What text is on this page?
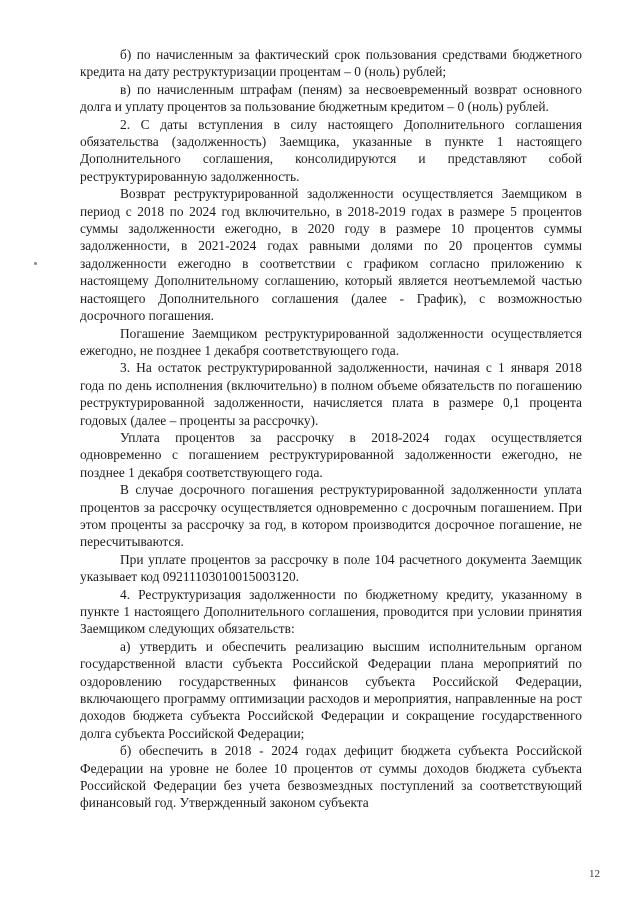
б) по начисленным за фактический срок пользования средствами бюджетного кредита на дату реструктуризации процентам – 0 (ноль) рублей;

в) по начисленным штрафам (пеням) за несвоевременный возврат основного долга и уплату процентов за пользование бюджетным кредитом – 0 (ноль) рублей.

2. С даты вступления в силу настоящего Дополнительного соглашения обязательства (задолженность) Заемщика, указанные в пункте 1 настоящего Дополнительного соглашения, консолидируются и представляют собой реструктурированную задолженность.

Возврат реструктурированной задолженности осуществляется Заемщиком в период с 2018 по 2024 год включительно, в 2018-2019 годах в размере 5 процентов суммы задолженности ежегодно, в 2020 году в размере 10 процентов суммы задолженности, в 2021-2024 годах равными долями по 20 процентов суммы задолженности ежегодно в соответствии с графиком согласно приложению к настоящему Дополнительному соглашению, который является неотъемлемой частью настоящего Дополнительного соглашения (далее - График), с возможностью досрочного погашения.

Погашение Заемщиком реструктурированной задолженности осуществляется ежегодно, не позднее 1 декабря соответствующего года.

3. На остаток реструктурированной задолженности, начиная с 1 января 2018 года по день исполнения (включительно) в полном объеме обязательств по погашению реструктурированной задолженности, начисляется плата в размере 0,1 процента годовых (далее – проценты за рассрочку).

Уплата процентов за рассрочку в 2018-2024 годах осуществляется одновременно с погашением реструктурированной задолженности ежегодно, не позднее 1 декабря соответствующего года.

В случае досрочного погашения реструктурированной задолженности уплата процентов за рассрочку осуществляется одновременно с досрочным погашением. При этом проценты за рассрочку за год, в котором производится досрочное погашение, не пересчитываются.

При уплате процентов за рассрочку в поле 104 расчетного документа Заемщик указывает код 09211103010015003120.

4. Реструктуризация задолженности по бюджетному кредиту, указанному в пункте 1 настоящего Дополнительного соглашения, проводится при условии принятия Заемщиком следующих обязательств:

а) утвердить и обеспечить реализацию высшим исполнительным органом государственной власти субъекта Российской Федерации плана мероприятий по оздоровлению государственных финансов субъекта Российской Федерации, включающего программу оптимизации расходов и мероприятия, направленные на рост доходов бюджета субъекта Российской Федерации и сокращение государственного долга субъекта Российской Федерации;

б) обеспечить в 2018 - 2024 годах дефицит бюджета субъекта Российской Федерации на уровне не более 10 процентов от суммы доходов бюджета субъекта Российской Федерации без учета безвозмездных поступлений за соответствующий финансовый год. Утвержденный законом субъекта

12
